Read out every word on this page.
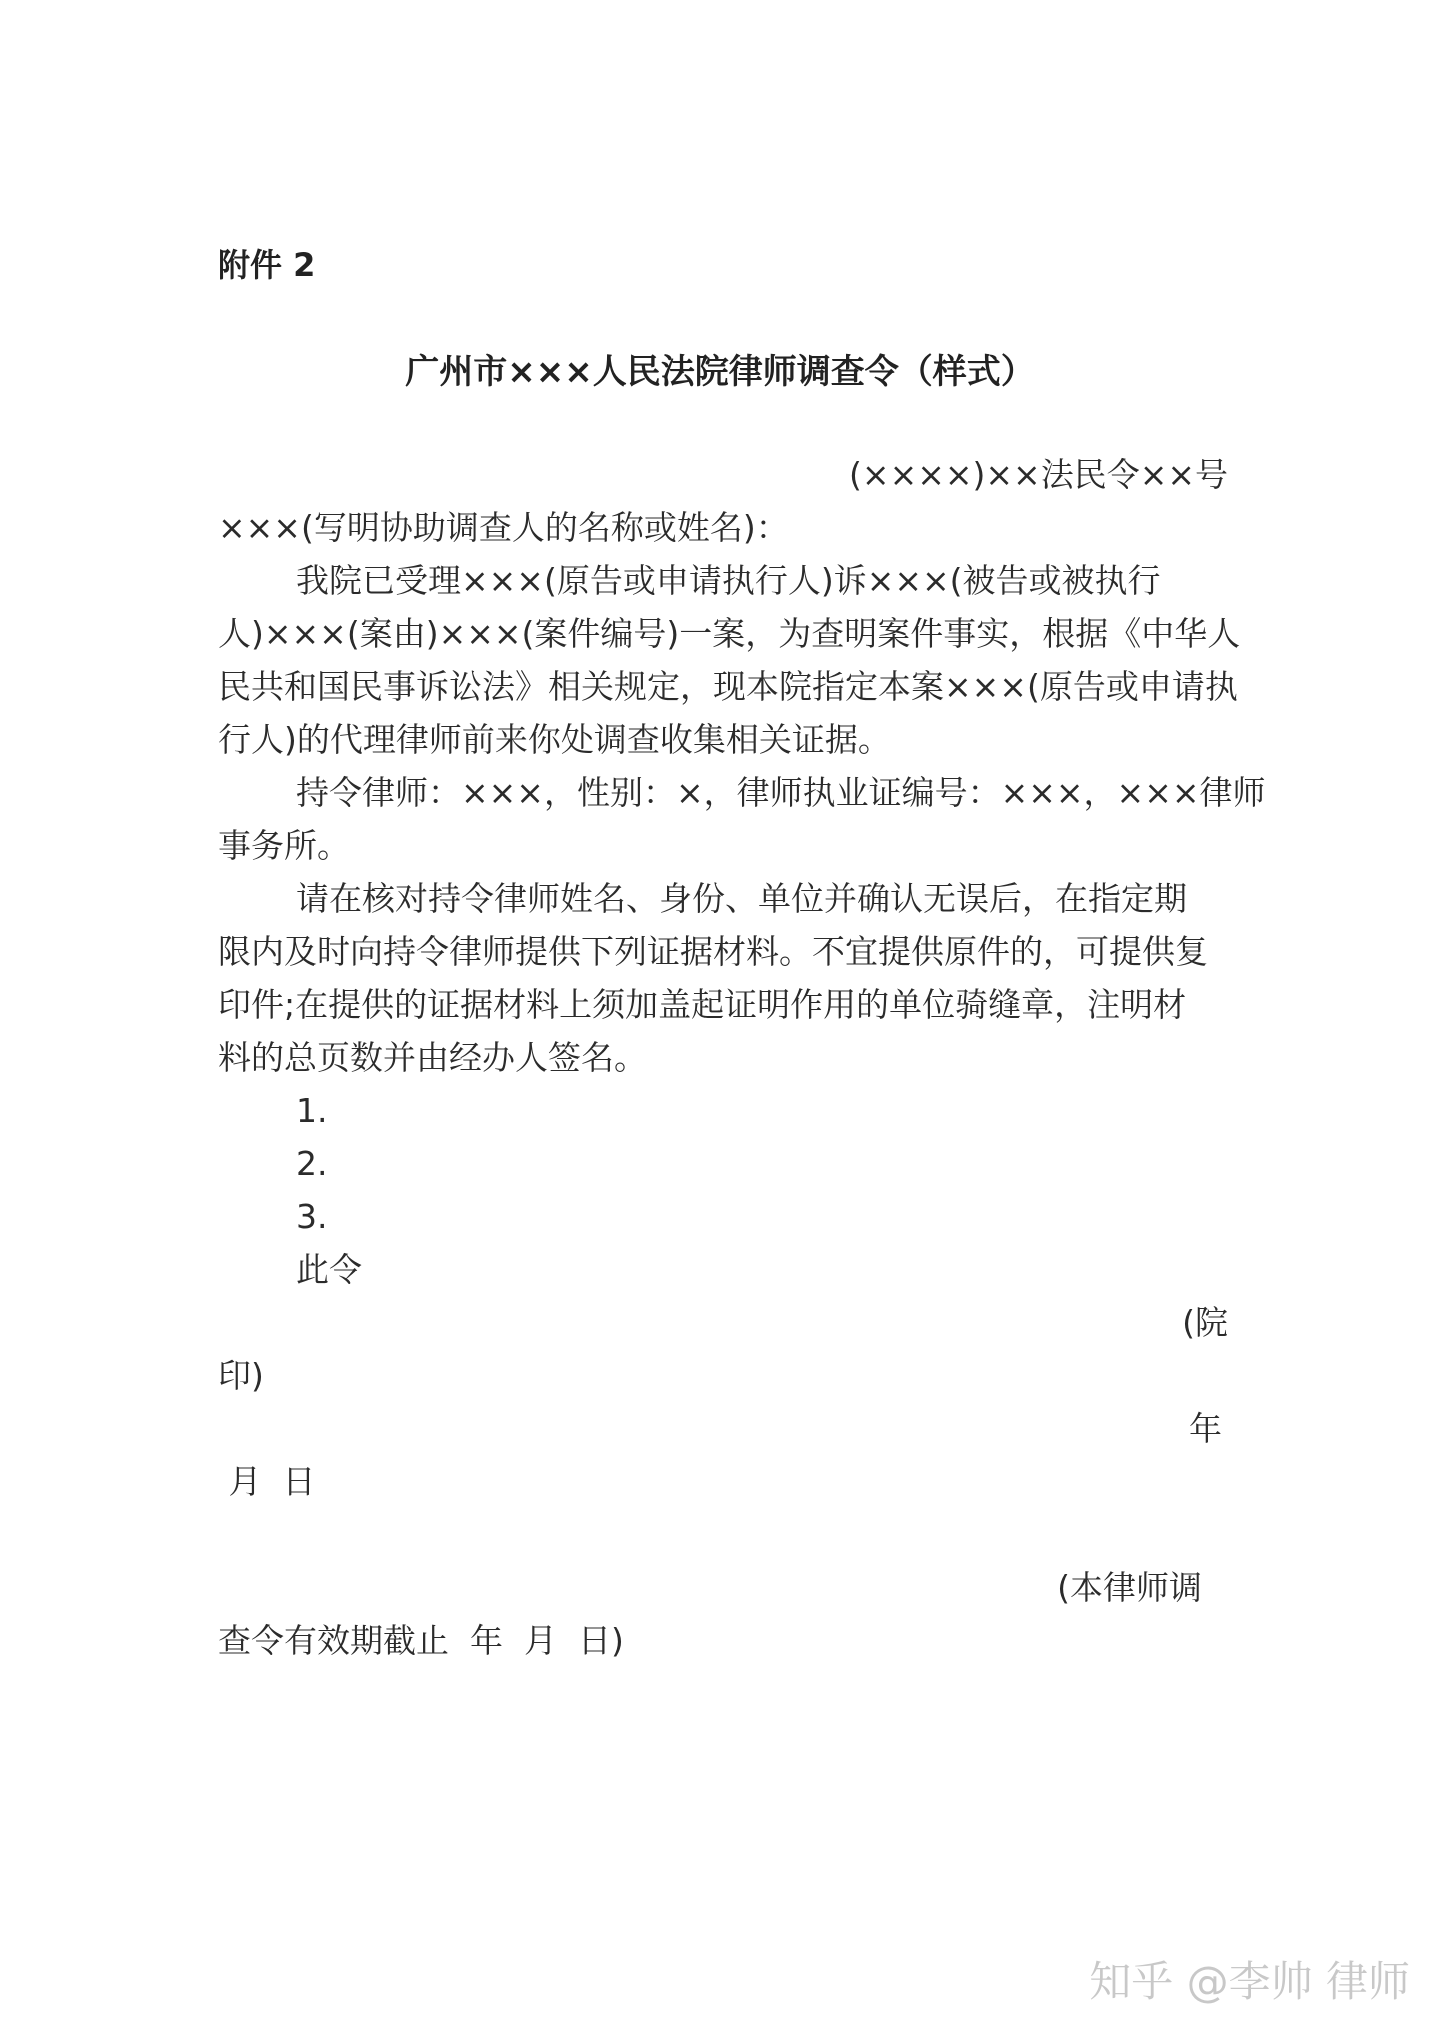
附件 2
广州市×××人民法院律师调查令（样式）
(××××)××法民令××号
×××(写明协助调查人的名称或姓名)：
我院已受理×××(原告或申请执行人)诉×××(被告或被执行
人)×××(案由)×××(案件编号)一案，为查明案件事实，根据《中华人
民共和国民事诉讼法》相关规定，现本院指定本案×××(原告或申请执
行人)的代理律师前来你处调查收集相关证据。
持令律师：×××，性别：×，律师执业证编号：×××，×××律师
事务所。
请在核对持令律师姓名、身份、单位并确认无误后，在指定期
限内及时向持令律师提供下列证据材料。不宜提供原件的，可提供复
印件;在提供的证据材料上须加盖起证明作用的单位骑缝章，注明材
料的总页数并由经办人签名。
1.
2.
3.
此令
(院
印)
年
月  日
(本律师调
查令有效期截止  年  月  日)
知乎 @李帅 律师
